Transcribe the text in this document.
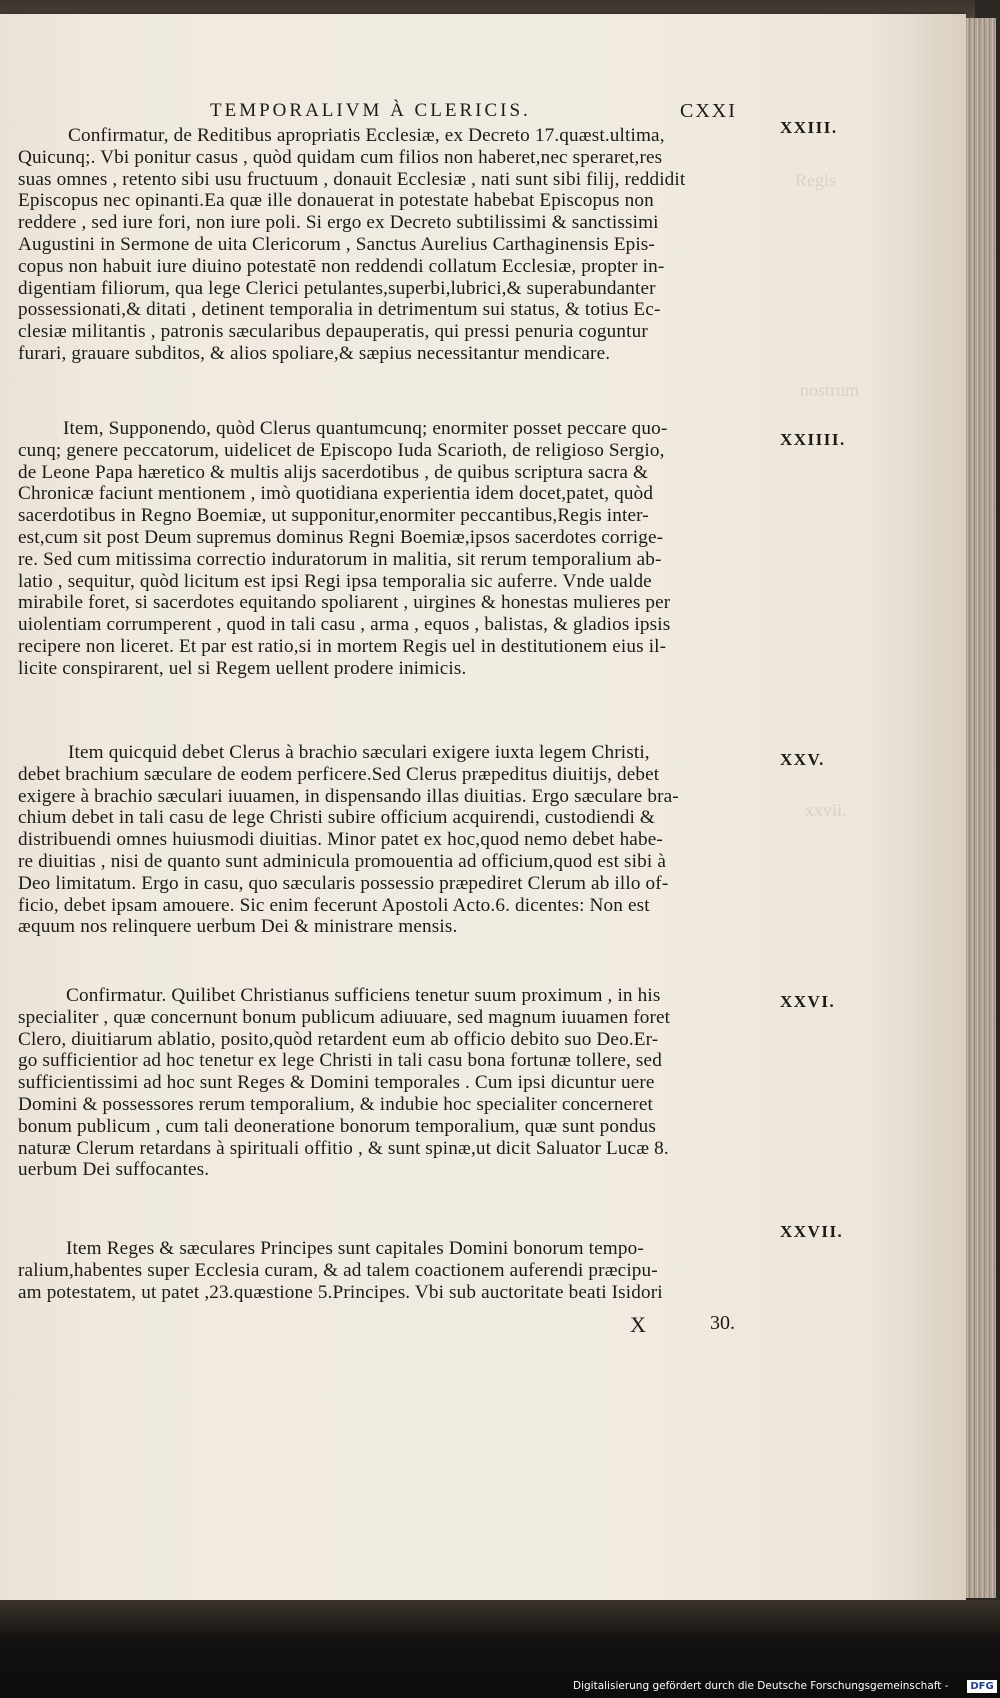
Regis
nostrum
xxvii.
TEMPORALIVM À CLERICIS.	CXXI
XXIII.
XXIIII.
XXV.
XXVI.
XXVII.
Confirmatur, de Reditibus apropriatis Ecclesiæ, ex Decreto 17.quæst.ultima,
Quicunq;. Vbi ponitur casus , quòd quidam cum filios non haberet,nec speraret,res
suas omnes , retento sibi usu fructuum , donauit Ecclesiæ , nati sunt sibi filij, reddidit
Episcopus nec opinanti.Ea quæ ille donauerat in potestate habebat Episcopus non
reddere , sed iure fori, non iure poli. Si ergo ex Decreto subtilissimi & sanctissimi
Augustini in Sermone de uita Clericorum , Sanctus Aurelius Carthaginensis Epis-
copus non habuit iure diuino potestatē non reddendi collatum Ecclesiæ, propter in-
digentiam filiorum, qua lege Clerici petulantes,superbi,lubrici,& superabundanter
possessionati,& ditati , detinent temporalia in detrimentum sui status, & totius Ec-
clesiæ militantis , patronis sæcularibus depauperatis, qui pressi penuria coguntur
furari, grauare subditos, & alios spoliare,& sæpius necessitantur mendicare.
Item, Supponendo, quòd Clerus quantumcunq; enormiter posset peccare quo-
cunq; genere peccatorum, uidelicet de Episcopo Iuda Scarioth, de religioso Sergio,
de Leone Papa hæretico & multis alijs sacerdotibus , de quibus scriptura sacra &
Chronicæ faciunt mentionem , imò quotidiana experientia idem docet,patet, quòd
sacerdotibus in Regno Boemiæ, ut supponitur,enormiter peccantibus,Regis inter-
est,cum sit post Deum supremus dominus Regni Boemiæ,ipsos sacerdotes corrige-
re. Sed cum mitissima correctio induratorum in malitia, sit rerum temporalium ab-
latio , sequitur, quòd licitum est ipsi Regi ipsa temporalia sic auferre. Vnde ualde
mirabile foret, si sacerdotes equitando spoliarent , uirgines & honestas mulieres per
uiolentiam corrumperent , quod in tali casu , arma , equos , balistas, & gladios ipsis
recipere non liceret. Et par est ratio,si in mortem Regis uel in destitutionem eius il-
licite conspirarent, uel si Regem uellent prodere inimicis.
Item quicquid debet Clerus à brachio sæculari exigere iuxta legem Christi,
debet brachium sæculare de eodem perficere.Sed Clerus præpeditus diuitijs, debet
exigere à brachio sæculari iuuamen, in dispensando illas diuitias. Ergo sæculare bra-
chium debet in tali casu de lege Christi subire officium acquirendi, custodiendi &
distribuendi omnes huiusmodi diuitias. Minor patet ex hoc,quod nemo debet habe-
re diuitias , nisi de quanto sunt adminicula promouentia ad officium,quod est sibi à
Deo limitatum. Ergo in casu, quo sæcularis possessio præpediret Clerum ab illo of-
ficio, debet ipsam amouere. Sic enim fecerunt Apostoli Acto.6. dicentes: Non est
æquum nos relinquere uerbum Dei & ministrare mensis.
Confirmatur. Quilibet Christianus sufficiens tenetur suum proximum , in his
specialiter , quæ concernunt bonum publicum adiuuare, sed magnum iuuamen foret
Clero, diuitiarum ablatio, posito,quòd retardent eum ab officio debito suo Deo.Er-
go sufficientior ad hoc tenetur ex lege Christi in tali casu bona fortunæ tollere, sed
sufficientissimi ad hoc sunt Reges & Domini temporales . Cum ipsi dicuntur uere
Domini & possessores rerum temporalium, & indubie hoc specialiter concerneret
bonum publicum , cum tali deoneratione bonorum temporalium, quæ sunt pondus
naturæ Clerum retardans à spirituali offitio , & sunt spinæ,ut dicit Saluator Lucæ 8.
uerbum Dei suffocantes.
Item Reges & sæculares Principes sunt capitales Domini bonorum tempo-
ralium,habentes super Ecclesia curam, & ad talem coactionem auferendi præcipu-
am potestatem, ut patet ,23.quæstione 5.Principes. Vbi sub auctoritate beati Isidori
X	30.
Digitalisierung gefördert durch die Deutsche Forschungsgemeinschaft -	DFG
